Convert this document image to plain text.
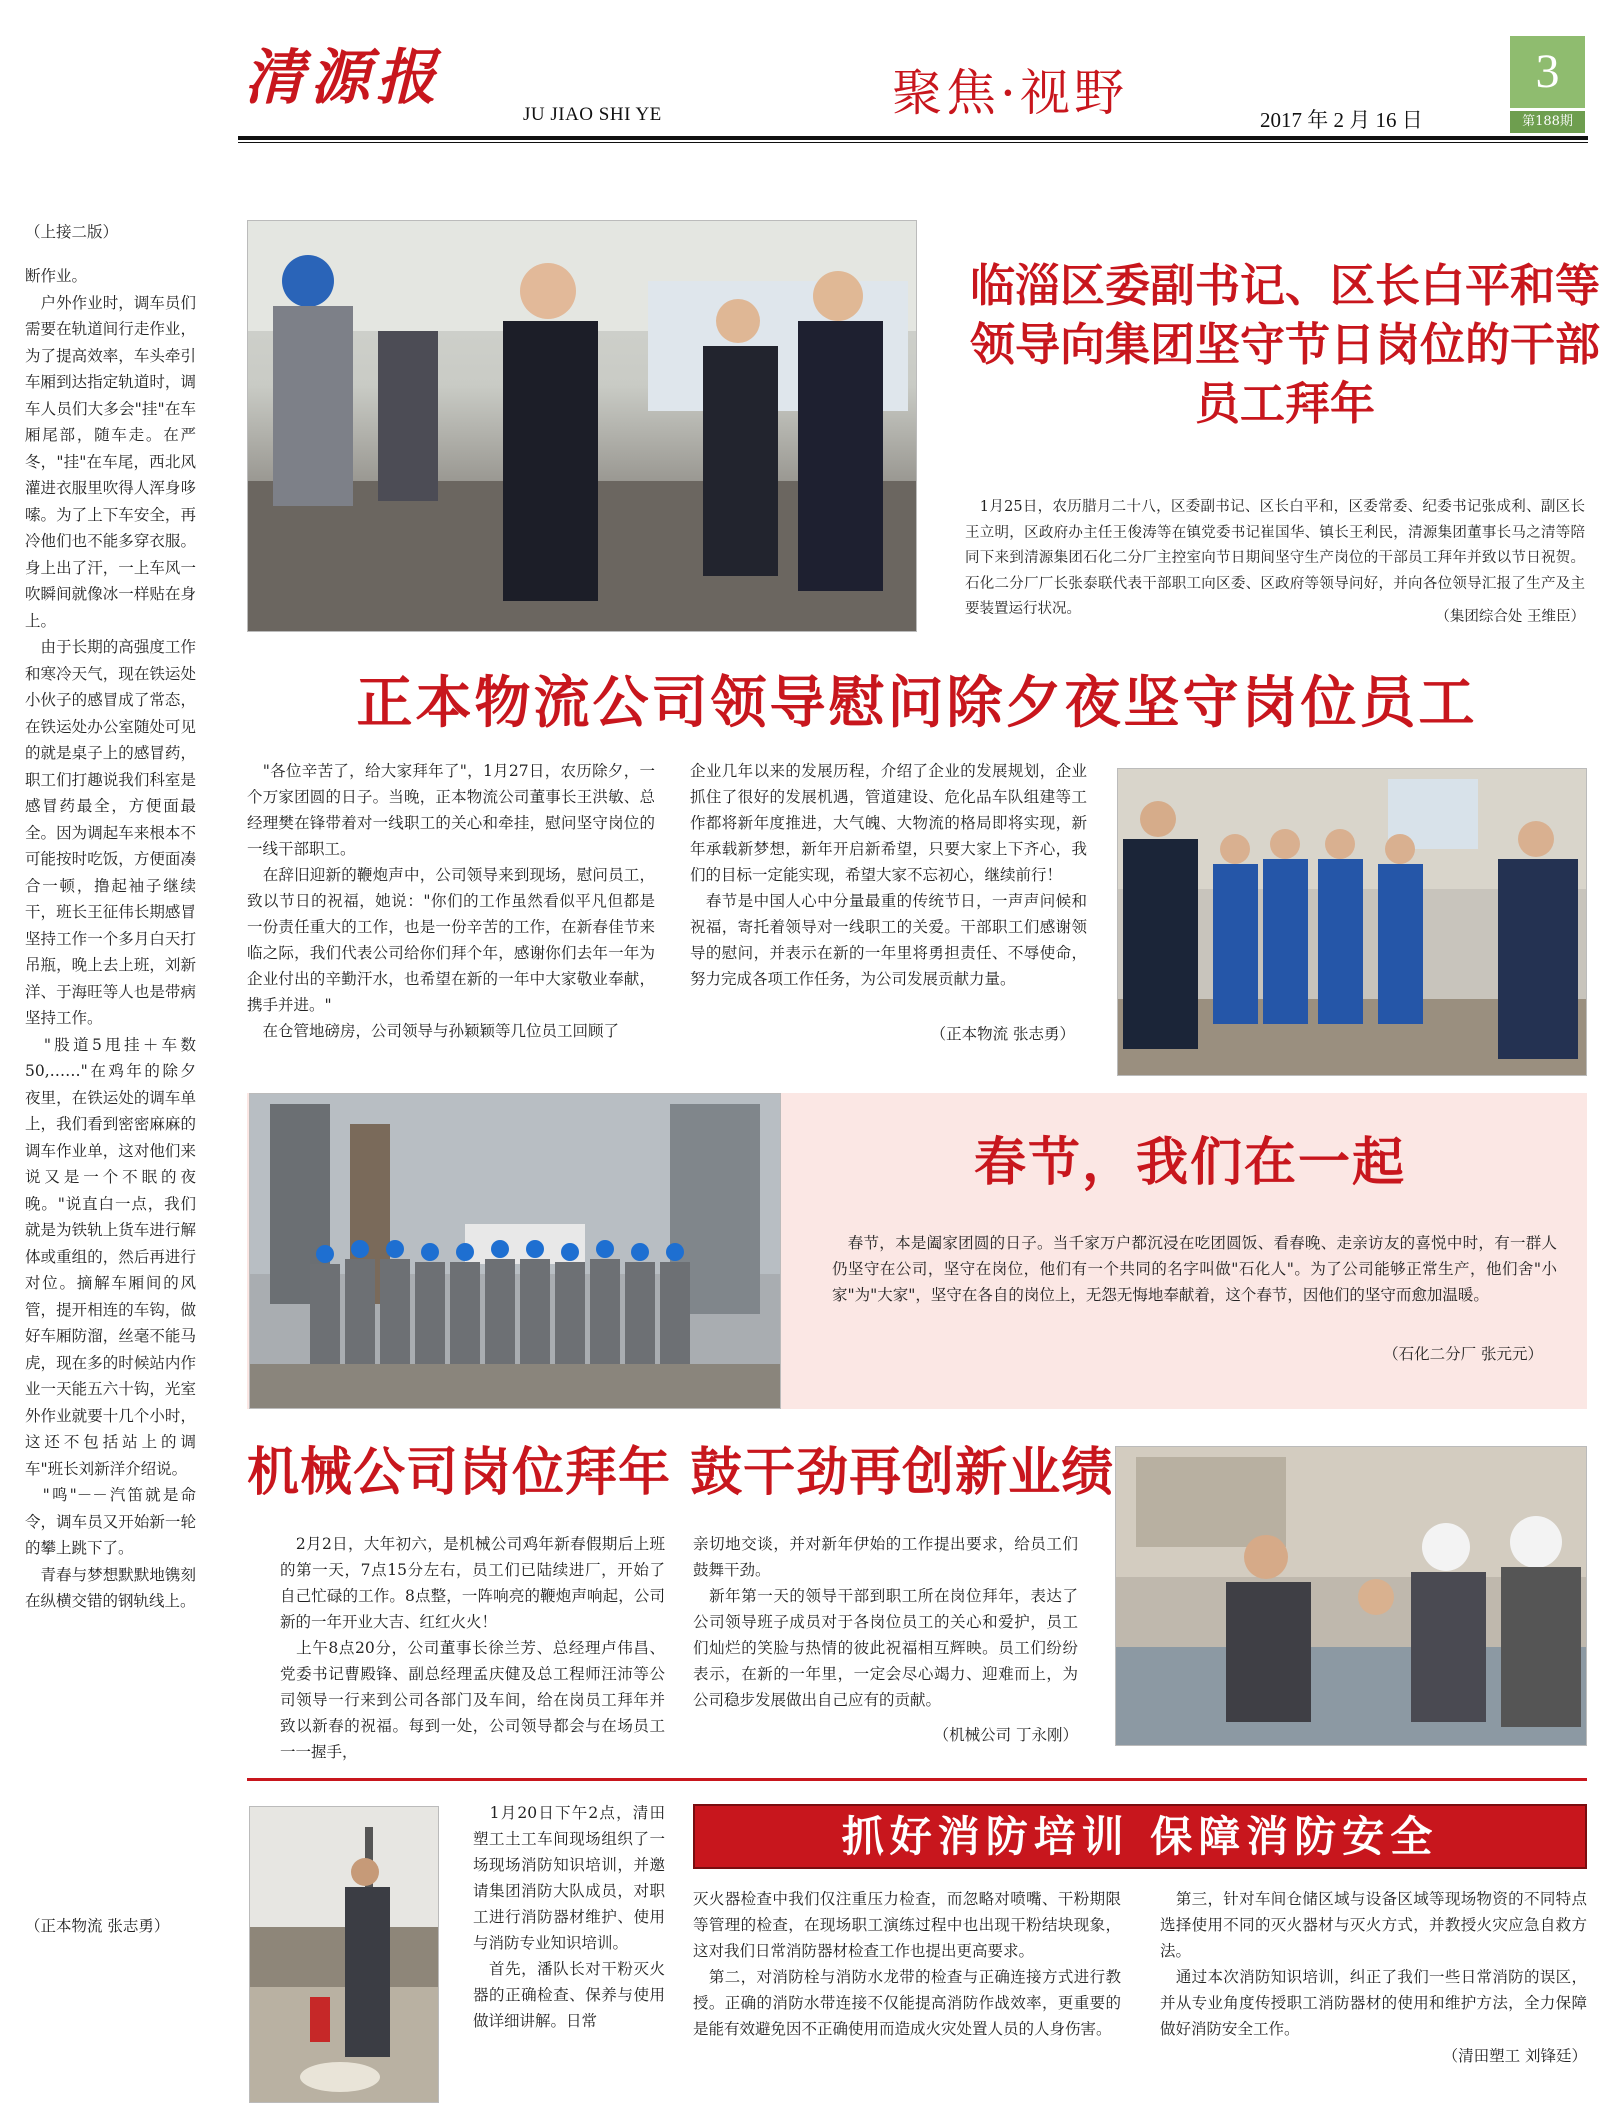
清源报
JU JIAO SHI YE	聚焦·视野	2017 年 2 月 16 日
3
第188期
（上接二版）
断作业。
　户外作业时，调车员们需要在轨道间行走作业，为了提高效率，车头牵引车厢到达指定轨道时，调车人员们大多会"挂"在车厢尾部，随车走。在严冬，"挂"在车尾，西北风灌进衣服里吹得人浑身哆嗦。为了上下车安全，再冷他们也不能多穿衣服。身上出了汗，一上车风一吹瞬间就像冰一样贴在身上。
　由于长期的高强度工作和寒冷天气，现在铁运处小伙子的感冒成了常态，在铁运处办公室随处可见的就是桌子上的感冒药，职工们打趣说我们科室是感冒药最全，方便面最全。因为调起车来根本不可能按时吃饭，方便面凑合一顿，撸起袖子继续干，班长王征伟长期感冒坚持工作一个多月白天打吊瓶，晚上去上班，刘新洋、于海旺等人也是带病坚持工作。
　"股道5甩挂＋车数50,……"在鸡年的除夕夜里，在铁运处的调车单上，我们看到密密麻麻的调车作业单，这对他们来说又是一个不眠的夜晚。"说直白一点，我们就是为铁轨上货车进行解体或重组的，然后再进行对位。摘解车厢间的风管，提开相连的车钩，做好车厢防溜，丝毫不能马虎，现在多的时候站内作业一天能五六十钩，光室外作业就要十几个小时，这还不包括站上的调车"班长刘新洋介绍说。
　"鸣"－－汽笛就是命令，调车员又开始新一轮的攀上跳下了。
　青春与梦想默默地镌刻在纵横交错的钢轨线上。
（正本物流 张志勇）
临淄区委副书记、区长白平和等领导向集团坚守节日岗位的干部员工拜年
　1月25日，农历腊月二十八，区委副书记、区长白平和，区委常委、纪委书记张成利、副区长王立明，区政府办主任王俊涛等在镇党委书记崔国华、镇长王利民，清源集团董事长马之清等陪同下来到清源集团石化二分厂主控室向节日期间坚守生产岗位的干部员工拜年并致以节日祝贺。石化二分厂厂长张泰联代表干部职工向区委、区政府等领导问好，并向各位领导汇报了生产及主要装置运行状况。	（集团综合处 王维臣）
正本物流公司领导慰问除夕夜坚守岗位员工
　"各位辛苦了，给大家拜年了"，1月27日，农历除夕，一个万家团圆的日子。当晚，正本物流公司董事长王洪敏、总经理樊在锋带着对一线职工的关心和牵挂，慰问坚守岗位的一线干部职工。
　在辞旧迎新的鞭炮声中，公司领导来到现场，慰问员工，致以节日的祝福，她说："你们的工作虽然看似平凡但都是一份责任重大的工作，也是一份辛苦的工作，在新春佳节来临之际，我们代表公司给你们拜个年，感谢你们去年一年为企业付出的辛勤汗水，也希望在新的一年中大家敬业奉献，携手并进。"
　在仓管地磅房，公司领导与孙颖颖等几位员工回顾了
企业几年以来的发展历程，介绍了企业的发展规划，企业抓住了很好的发展机遇，管道建设、危化品车队组建等工作都将新年度推进，大气魄、大物流的格局即将实现，新年承载新梦想，新年开启新希望，只要大家上下齐心，我们的目标一定能实现，希望大家不忘初心，继续前行！
　春节是中国人心中分量最重的传统节日，一声声问候和祝福，寄托着领导对一线职工的关爱。干部职工们感谢领导的慰问，并表示在新的一年里将勇担责任、不辱使命，努力完成各项工作任务，为公司发展贡献力量。
（正本物流 张志勇）
春节，我们在一起
　春节，本是阖家团圆的日子。当千家万户都沉浸在吃团圆饭、看春晚、走亲访友的喜悦中时，有一群人仍坚守在公司，坚守在岗位，他们有一个共同的名字叫做"石化人"。为了公司能够正常生产，他们舍"小家"为"大家"，坚守在各自的岗位上，无怨无悔地奉献着，这个春节，因他们的坚守而愈加温暖。
（石化二分厂 张元元）
机械公司岗位拜年 鼓干劲再创新业绩
　2月2日，大年初六，是机械公司鸡年新春假期后上班的第一天，7点15分左右，员工们已陆续进厂，开始了自己忙碌的工作。8点整，一阵响亮的鞭炮声响起，公司新的一年开业大吉、红红火火！
　上午8点20分，公司董事长徐兰芳、总经理卢伟昌、党委书记曹殿锋、副总经理孟庆健及总工程师汪沛等公司领导一行来到公司各部门及车间，给在岗员工拜年并致以新春的祝福。每到一处，公司领导都会与在场员工一一握手，
亲切地交谈，并对新年伊始的工作提出要求，给员工们鼓舞干劲。
　新年第一天的领导干部到职工所在岗位拜年，表达了公司领导班子成员对于各岗位员工的关心和爱护，员工们灿烂的笑脸与热情的彼此祝福相互辉映。员工们纷纷表示，在新的一年里，一定会尽心竭力、迎难而上，为公司稳步发展做出自己应有的贡献。
（机械公司 丁永刚）
　1月20日下午2点，清田塑工土工车间现场组织了一场现场消防知识培训，并邀请集团消防大队成员，对职工进行消防器材维护、使用与消防专业知识培训。
　首先，潘队长对干粉灭火器的正确检查、保养与使用做详细讲解。日常
抓好消防培训 保障消防安全
灭火器检查中我们仅注重压力检查，而忽略对喷嘴、干粉期限等管理的检查，在现场职工演练过程中也出现干粉结块现象，这对我们日常消防器材检查工作也提出更高要求。
　第二，对消防栓与消防水龙带的检查与正确连接方式进行教授。正确的消防水带连接不仅能提高消防作战效率，更重要的是能有效避免因不正确使用而造成火灾处置人员的人身伤害。
　第三，针对车间仓储区域与设备区域等现场物资的不同特点选择使用不同的灭火器材与灭火方式，并教授火灾应急自救方法。
　通过本次消防知识培训，纠正了我们一些日常消防的误区，并从专业角度传授职工消防器材的使用和维护方法，全力保障做好消防安全工作。
（清田塑工 刘锋廷）
